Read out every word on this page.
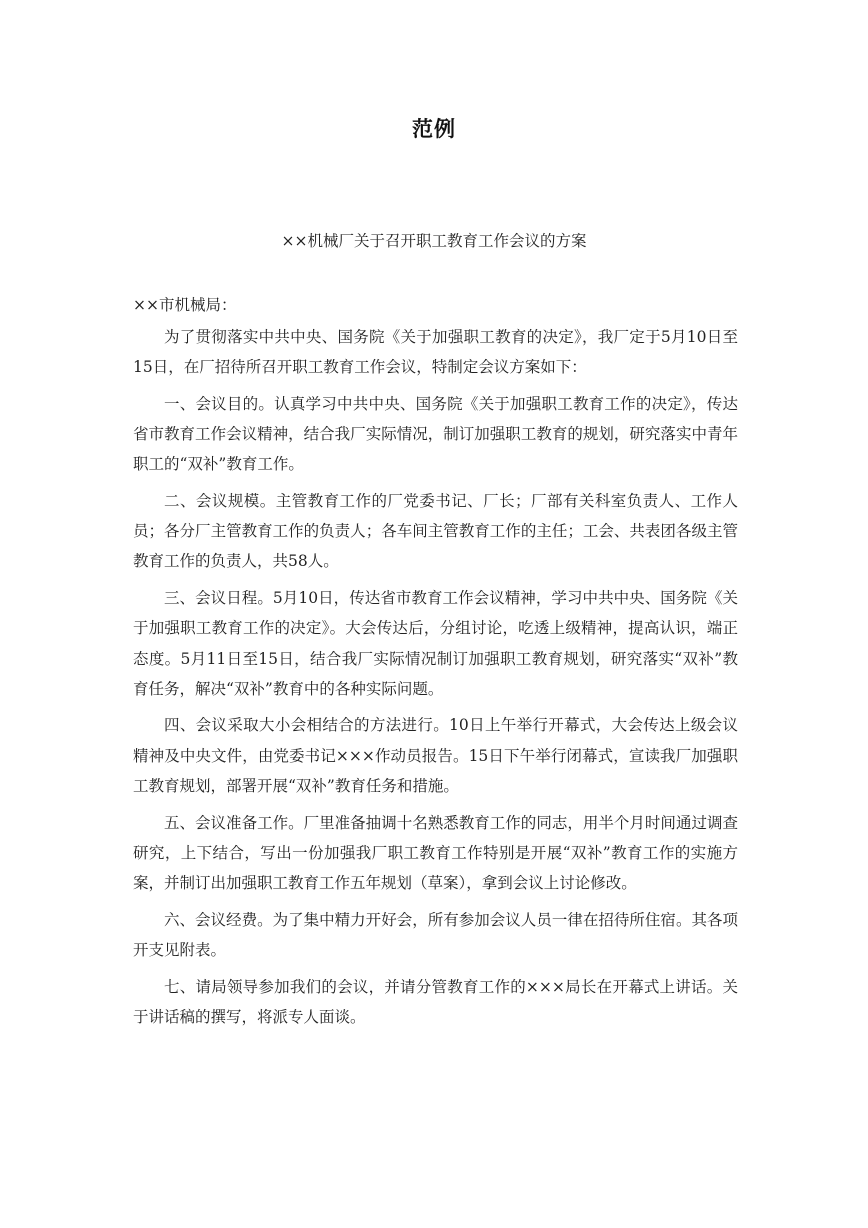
范例
××机械厂关于召开职工教育工作会议的方案
××市机械局：

为了贯彻落实中共中央、国务院《关于加强职工教育的决定》，我厂定于5月10日至15日，在厂招待所召开职工教育工作会议，特制定会议方案如下：

一、会议目的。认真学习中共中央、国务院《关于加强职工教育工作的决定》，传达省市教育工作会议精神，结合我厂实际情况，制订加强职工教育的规划，研究落实中青年职工的“双补”教育工作。

二、会议规模。主管教育工作的厂党委书记、厂长；厂部有关科室负责人、工作人员；各分厂主管教育工作的负责人；各车间主管教育工作的主任；工会、共表团各级主管教育工作的负责人，共58人。

三、会议日程。5月10日，传达省市教育工作会议精神，学习中共中央、国务院《关于加强职工教育工作的决定》。大会传达后，分组讨论，吃透上级精神，提高认识，端正态度。5月11日至15日，结合我厂实际情况制订加强职工教育规划，研究落实“双补”教育任务，解决“双补”教育中的各种实际问题。

四、会议采取大小会相结合的方法进行。10日上午举行开幕式，大会传达上级会议精神及中央文件，由党委书记×××作动员报告。15日下午举行闭幕式，宣读我厂加强职工教育规划，部署开展“双补”教育任务和措施。

五、会议准备工作。厂里准备抽调十名熟悉教育工作的同志，用半个月时间通过调查研究，上下结合，写出一份加强我厂职工教育工作特别是开展“双补”教育工作的实施方案，并制订出加强职工教育工作五年规划（草案），拿到会议上讨论修改。

六、会议经费。为了集中精力开好会，所有参加会议人员一律在招待所住宿。其各项开支见附表。

七、请局领导参加我们的会议，并请分管教育工作的×××局长在开幕式上讲话。关于讲话稿的撰写，将派专人面谈。
